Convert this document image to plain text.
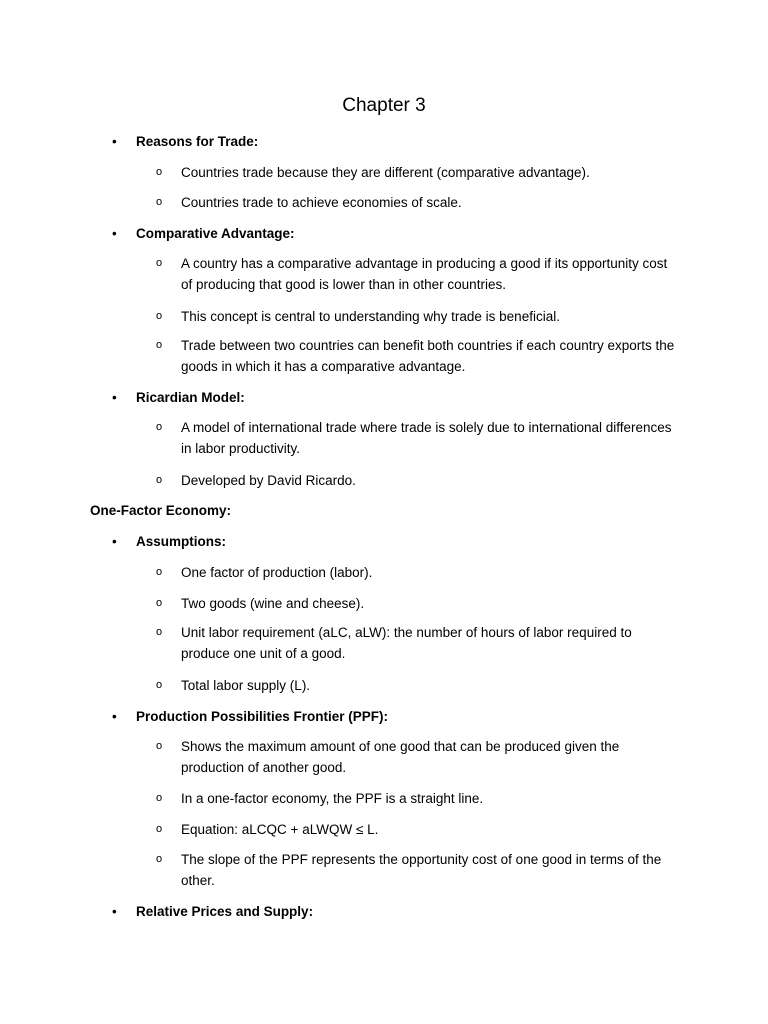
Chapter 3
• Reasons for Trade:
o Countries trade because they are different (comparative advantage).
o Countries trade to achieve economies of scale.
• Comparative Advantage:
o A country has a comparative advantage in producing a good if its opportunity cost of producing that good is lower than in other countries.
o This concept is central to understanding why trade is beneficial.
o Trade between two countries can benefit both countries if each country exports the goods in which it has a comparative advantage.
• Ricardian Model:
o A model of international trade where trade is solely due to international differences in labor productivity.
o Developed by David Ricardo.
One-Factor Economy:
• Assumptions:
o One factor of production (labor).
o Two goods (wine and cheese).
o Unit labor requirement (aLC, aLW): the number of hours of labor required to produce one unit of a good.
o Total labor supply (L).
• Production Possibilities Frontier (PPF):
o Shows the maximum amount of one good that can be produced given the production of another good.
o In a one-factor economy, the PPF is a straight line.
o Equation: aLCQC + aLWQW ≤ L.
o The slope of the PPF represents the opportunity cost of one good in terms of the other.
• Relative Prices and Supply:
